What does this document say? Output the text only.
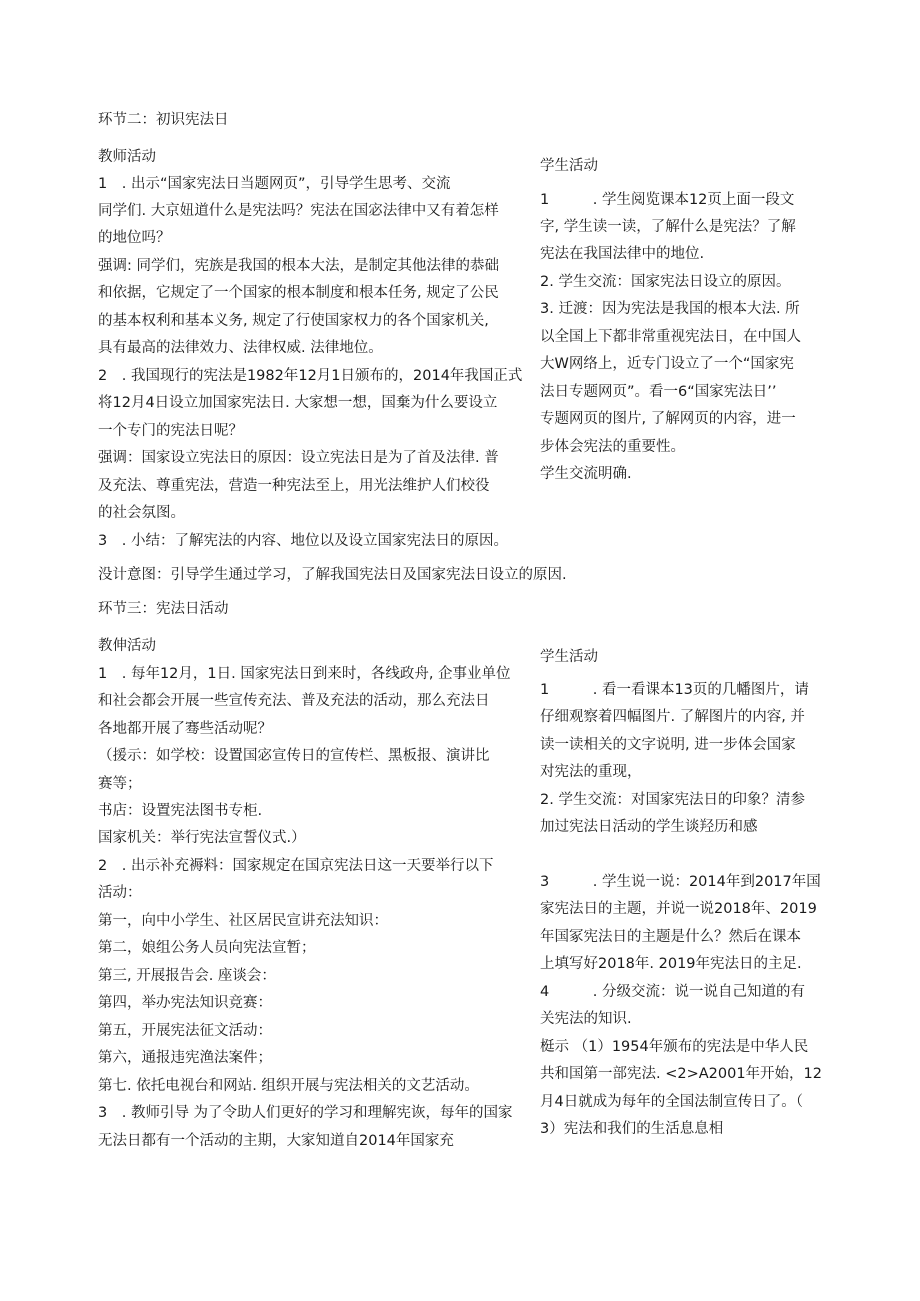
环节二：初识宪法日
教师活动
1　. 出示“国家宪法日当题网页”，引导学生思考、交流
同学们. 大京妞道什么是宪法吗？宪法在国宓法律中又有着怎样
的地位吗？
强调: 同学们，宪族是我国的根本大法，是制定其他法律的恭础
和依据，它规定了一个国家的根本制度和根本任务, 规定了公民
的基本权利和基本义务, 规定了行使国家权力的各个国家机关,
具有最高的法律效力、法律权威. 法律地位。
2　. 我国现行的宪法是1982年12月1日颁布的，2014年我国正式
将12月4日设立加国家宪法日. 大家想一想，国棄为什么要设立
一个专门的宪法日呢？
强调：国家设立宪法日的原因：设立宪法日是为了首及法律. 普
及充法、尊重宪法，营造一种宪法至上，用光法维护人们校役
的社会氛图。
3　. 小结：了解宪法的内容、地位以及设立国家宪法日的原因。
学生活动
1　　　. 学生阅览课本12页上面一段文
字, 学生读一读，了解什么是宪法？了解
宪法在我国法律中的地位.
2. 学生交流：国家宪法日设立的原因。
3. 迁渡：因为宪法是我国的根本大法. 所
以全国上下都非常重视宪法日，在中国人
大W网络上，近专门设立了一个“国家宪
法日专题网页”。看一6“国家宪法日’’
专题网页的图片, 了解网页的内容，进一
步体会宪法的重要性。
学生交流明确.
没计意图：引导学生通过学习，了解我国宪法日及国家宪法日设立的原因.
环节三：宪法日活动
教伸活动
1　. 每年12月，1日. 国家宪法日到来时，各线政舟, 企事业单位
和社会都会开展一些宣传充法、普及充法的活动，那么充法日
各地都开展了骞些活动呢？
（援示：如学校：设置国宓宣传日的宣传栏、黑板报、演讲比
赛等；
书店：设置宪法图书专柜.
国家机关：举行宪法宣誓仪式.）
2　. 出示补充褥料：国家规定在国京宪法日这一天要举行以下
活动：
第一，向中小学生、社区居民宣讲充法知识：
第二，娘组公务人员向宪法宣暂；
第三, 开展报告会. 座谈会：
第四，举办宪法知识竞赛：
第五，开展宪法征文活动：
第六，通报违宪渔法案件；
第七. 依托电视台和网站. 组织开展与宪法相关的文艺活动。
3　. 教师引导 为了令助人们更好的学习和理解宪诙，每年的国家
无法日都有一个活动的主期，大家知道自2014年国家充
学生活动
1　　　. 看一看课本13页的几幡图片，请
仔细观察着四幅图片. 了解图片的内容, 并
读一读相关的文字说明, 进一步体会国家
对宪法的重现，
2. 学生交流：对国家宪法日的印象？清参
加过宪法日活动的学生谈羟历和感
3　　　. 学生说一说：2014年到2017年国
家宪法日的主题，并说一说2018年、2019
年国冢宪法日的主题是什么？然后在课本
上填写好2018年. 2019年宪法日的主足.
4　　　. 分级交流：说一说自己知道的有
关宪法的知识.
梃示 （1）1954年颁布的宪法是中华人民
共和国第一部宪法. <2>A2001年开始，12
月4日就成为每年的全国法制宣传日了。（
3）宪法和我们的生活息息相
